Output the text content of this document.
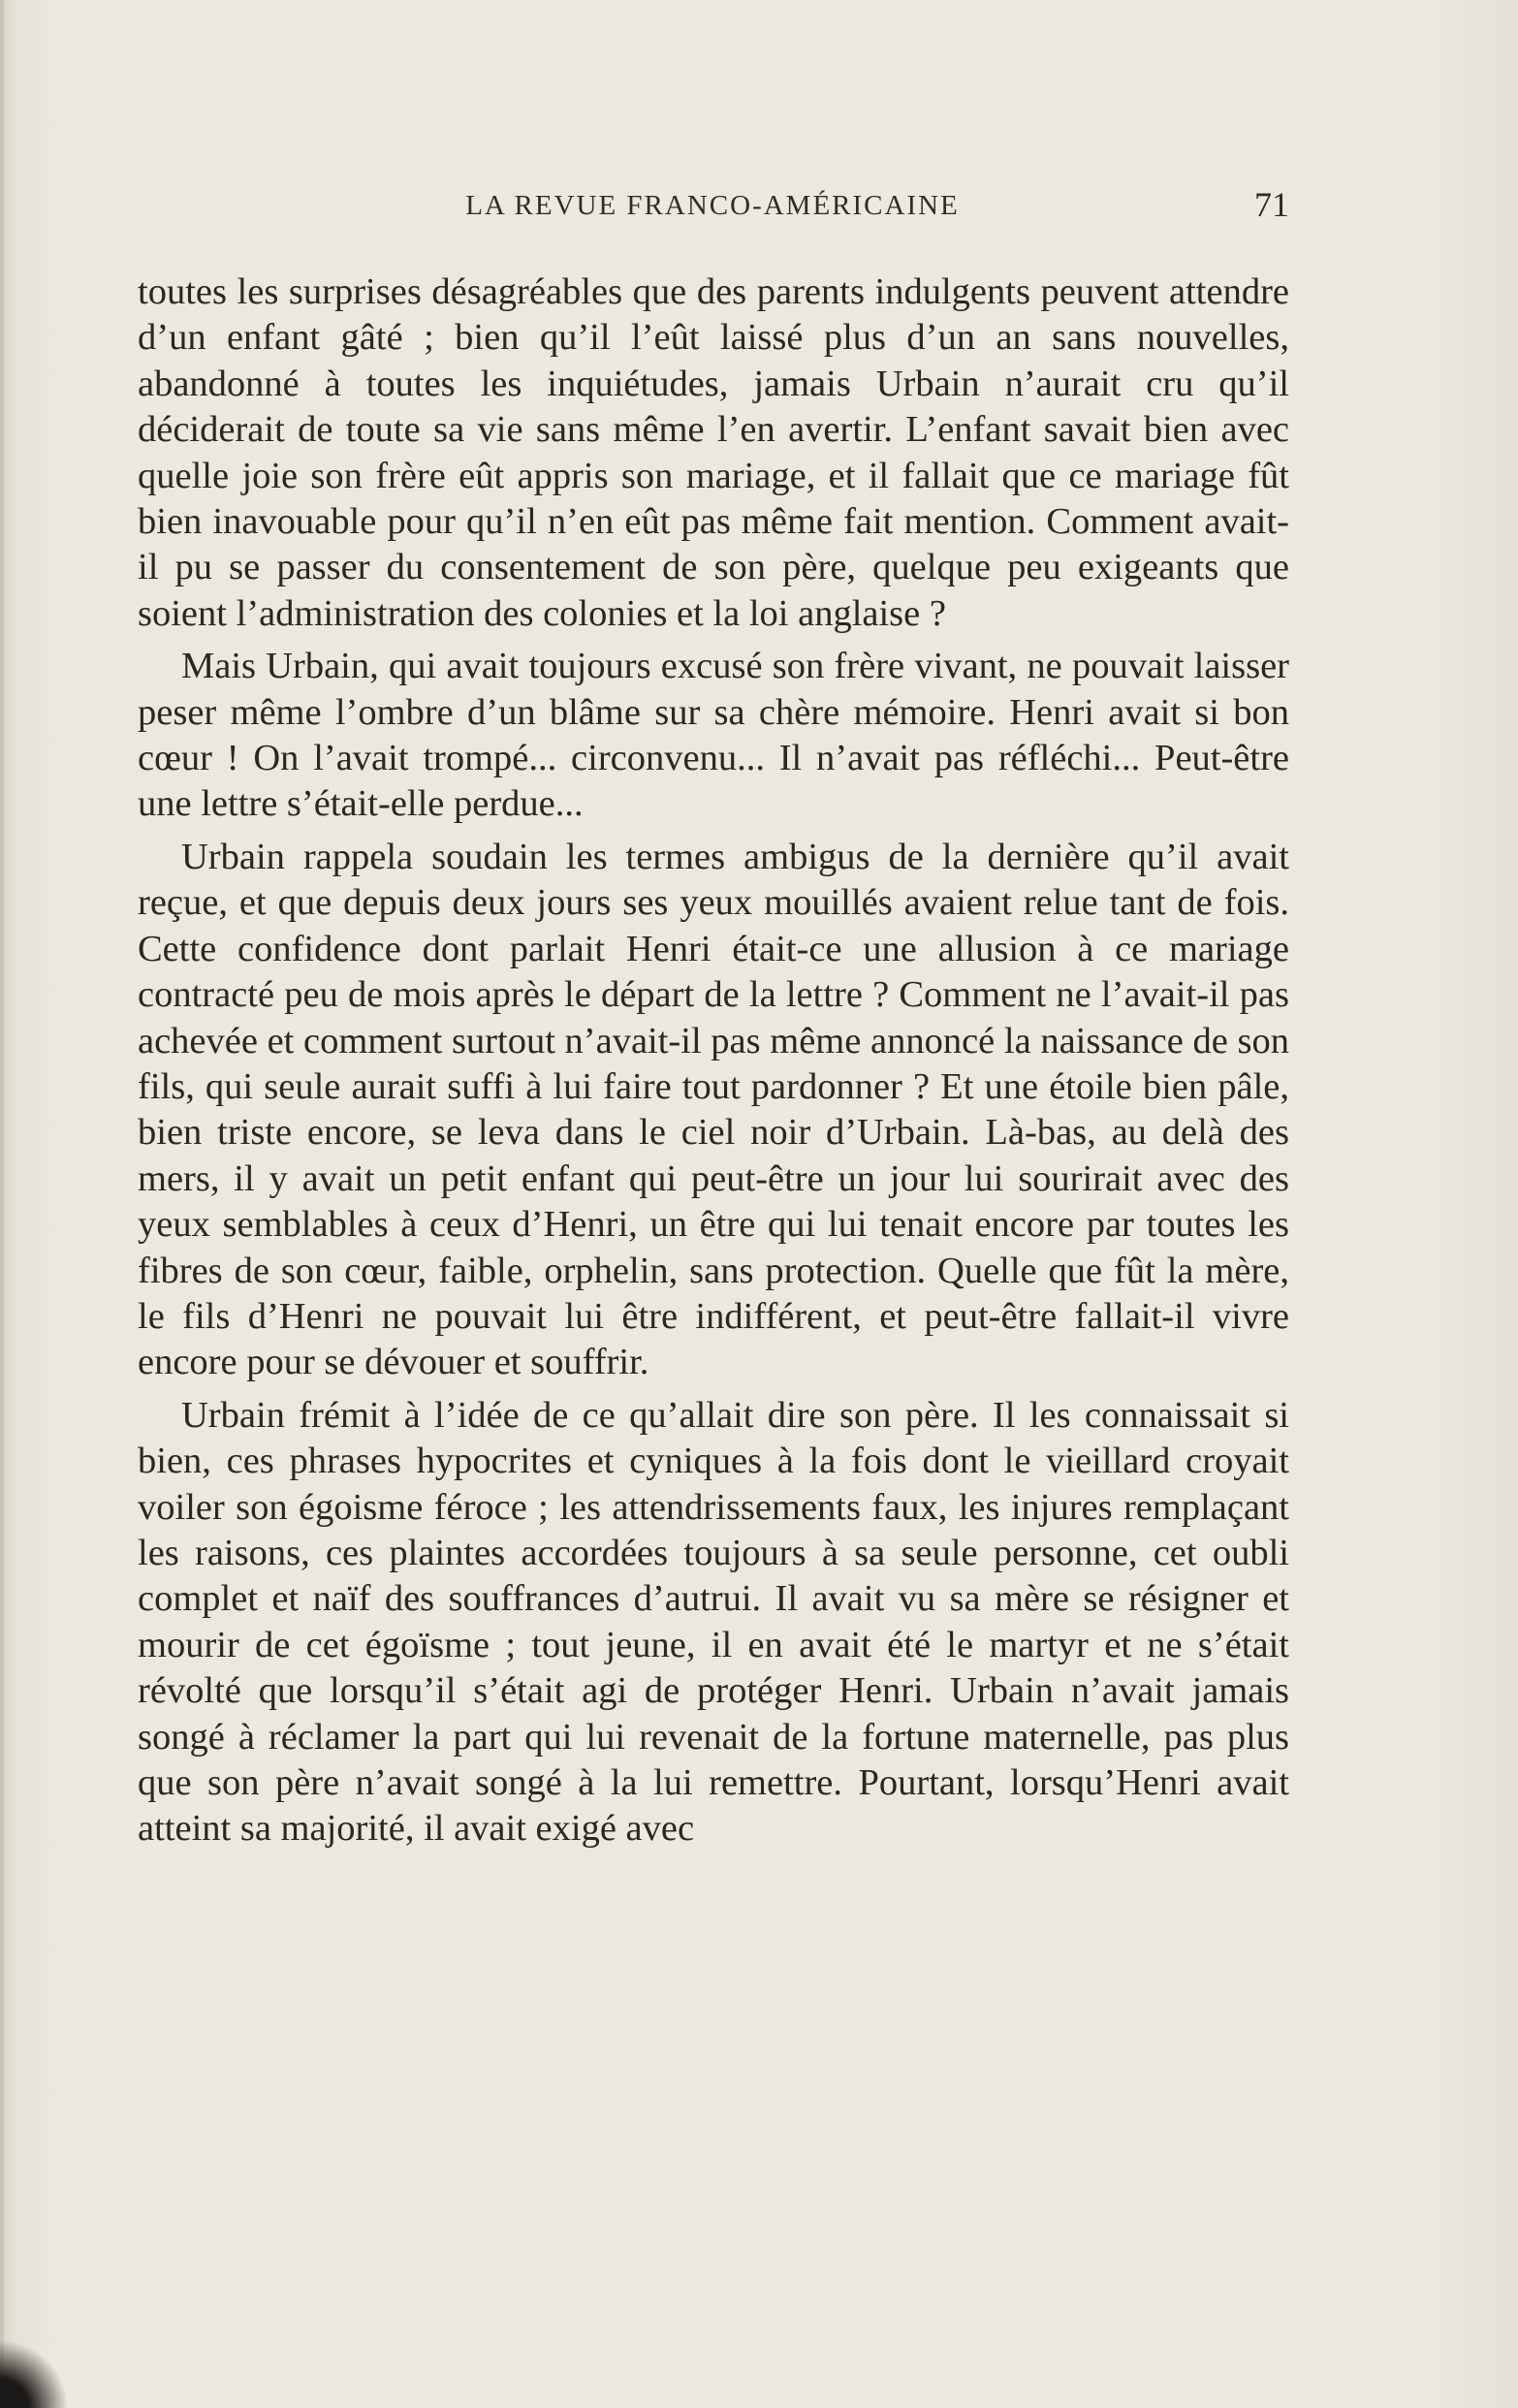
LA REVUE FRANCO-AMÉRICAINE	71

toutes les surprises désagréables que des parents indulgents peuvent attendre d’un enfant gâté ; bien qu’il l’eût laissé plus d’un an sans nouvelles, abandonné à toutes les inquiétudes, jamais Urbain n’aurait cru qu’il déciderait de toute sa vie sans même l’en avertir. L’enfant savait bien avec quelle joie son frère eût appris son mariage, et il fallait que ce mariage fût bien inavouable pour qu’il n’en eût pas même fait mention. Comment avait-il pu se passer du consentement de son père, quelque peu exigeants que soient l’administration des colonies et la loi anglaise ?

Mais Urbain, qui avait toujours excusé son frère vivant, ne pouvait laisser peser même l’ombre d’un blâme sur sa chère mémoire. Henri avait si bon cœur ! On l’avait trompé... circonvenu... Il n’avait pas réfléchi... Peut-être une lettre s’était-elle perdue...

Urbain rappela soudain les termes ambigus de la dernière qu’il avait reçue, et que depuis deux jours ses yeux mouillés avaient relue tant de fois. Cette confidence dont parlait Henri était-ce une allusion à ce mariage contracté peu de mois après le départ de la lettre ? Comment ne l’avait-il pas achevée et comment surtout n’avait-il pas même annoncé la naissance de son fils, qui seule aurait suffi à lui faire tout pardonner ? Et une étoile bien pâle, bien triste encore, se leva dans le ciel noir d’Urbain. Là-bas, au delà des mers, il y avait un petit enfant qui peut-être un jour lui sourirait avec des yeux semblables à ceux d’Henri, un être qui lui tenait encore par toutes les fibres de son cœur, faible, orphelin, sans protection. Quelle que fût la mère, le fils d’Henri ne pouvait lui être indifférent, et peut-être fallait-il vivre encore pour se dévouer et souffrir.

Urbain frémit à l’idée de ce qu’allait dire son père. Il les connaissait si bien, ces phrases hypocrites et cyniques à la fois dont le vieillard croyait voiler son égoisme féroce ; les attendrissements faux, les injures remplaçant les raisons, ces plaintes accordées toujours à sa seule personne, cet oubli complet et naïf des souffrances d’autrui. Il avait vu sa mère se résigner et mourir de cet égoïsme ; tout jeune, il en avait été le martyr et ne s’était révolté que lorsqu’il s’était agi de protéger Henri. Urbain n’avait jamais songé à réclamer la part qui lui revenait de la fortune maternelle, pas plus que son père n’avait songé à la lui remettre. Pourtant, lorsqu’Henri avait atteint sa majorité, il avait exigé avec
